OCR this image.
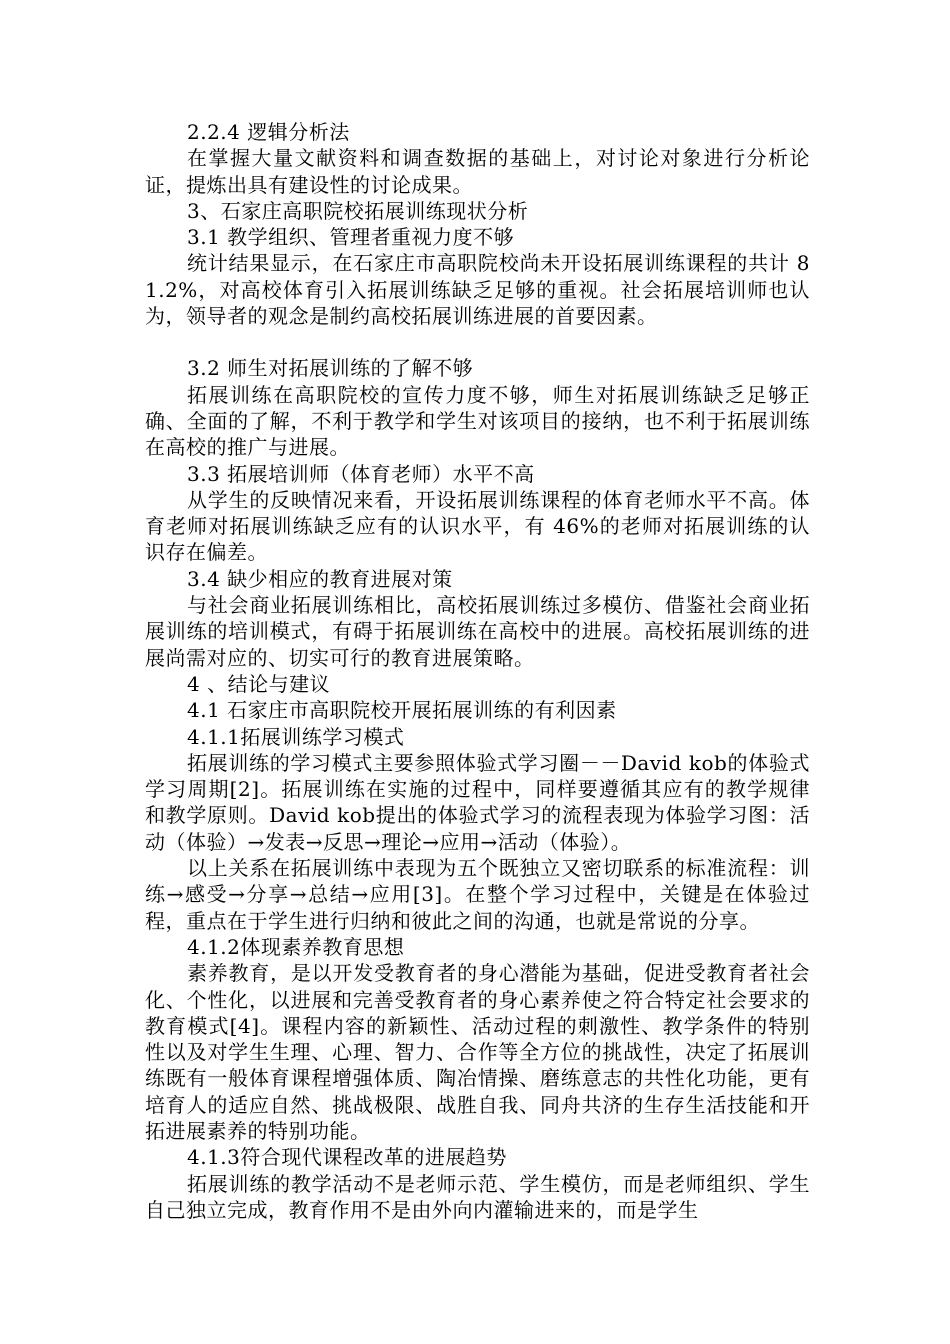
2.2.4 逻辑分析法
在掌握大量文献资料和调查数据的基础上，对讨论对象进行分析论证，提炼出具有建设性的讨论成果。
3、石家庄高职院校拓展训练现状分析
3.1 教学组织、管理者重视力度不够
统计结果显示，在石家庄市高职院校尚未开设拓展训练课程的共计 81.2%，对高校体育引入拓展训练缺乏足够的重视。社会拓展培训师也认为，领导者的观念是制约高校拓展训练进展的首要因素。
3.2 师生对拓展训练的了解不够
拓展训练在高职院校的宣传力度不够，师生对拓展训练缺乏足够正确、全面的了解，不利于教学和学生对该项目的接纳，也不利于拓展训练在高校的推广与进展。
3.3 拓展培训师（体育老师）水平不高
从学生的反映情况来看，开设拓展训练课程的体育老师水平不高。体育老师对拓展训练缺乏应有的认识水平，有 46%的老师对拓展训练的认识存在偏差。
3.4 缺少相应的教育进展对策
与社会商业拓展训练相比，高校拓展训练过多模仿、借鉴社会商业拓展训练的培训模式，有碍于拓展训练在高校中的进展。高校拓展训练的进展尚需对应的、切实可行的教育进展策略。
4 、结论与建议
4.1 石家庄市高职院校开展拓展训练的有利因素
4.1.1拓展训练学习模式
拓展训练的学习模式主要参照体验式学习圈－－David kob的体验式学习周期[2]。拓展训练在实施的过程中，同样要遵循其应有的教学规律和教学原则。David kob提出的体验式学习的流程表现为体验学习图：活动（体验）→发表→反思→理论→应用→活动（体验）。
以上关系在拓展训练中表现为五个既独立又密切联系的标准流程：训练→感受→分享→总结→应用[3]。在整个学习过程中，关键是在体验过程，重点在于学生进行归纳和彼此之间的沟通，也就是常说的分享。
4.1.2体现素养教育思想
素养教育，是以开发受教育者的身心潜能为基础，促进受教育者社会化、个性化，以进展和完善受教育者的身心素养使之符合特定社会要求的教育模式[4]。课程内容的新颖性、活动过程的刺激性、教学条件的特别性以及对学生生理、心理、智力、合作等全方位的挑战性，决定了拓展训练既有一般体育课程增强体质、陶冶情操、磨练意志的共性化功能，更有培育人的适应自然、挑战极限、战胜自我、同舟共济的生存生活技能和开拓进展素养的特别功能。
4.1.3符合现代课程改革的进展趋势
拓展训练的教学活动不是老师示范、学生模仿，而是老师组织、学生自己独立完成，教育作用不是由外向内灌输进来的，而是学生
